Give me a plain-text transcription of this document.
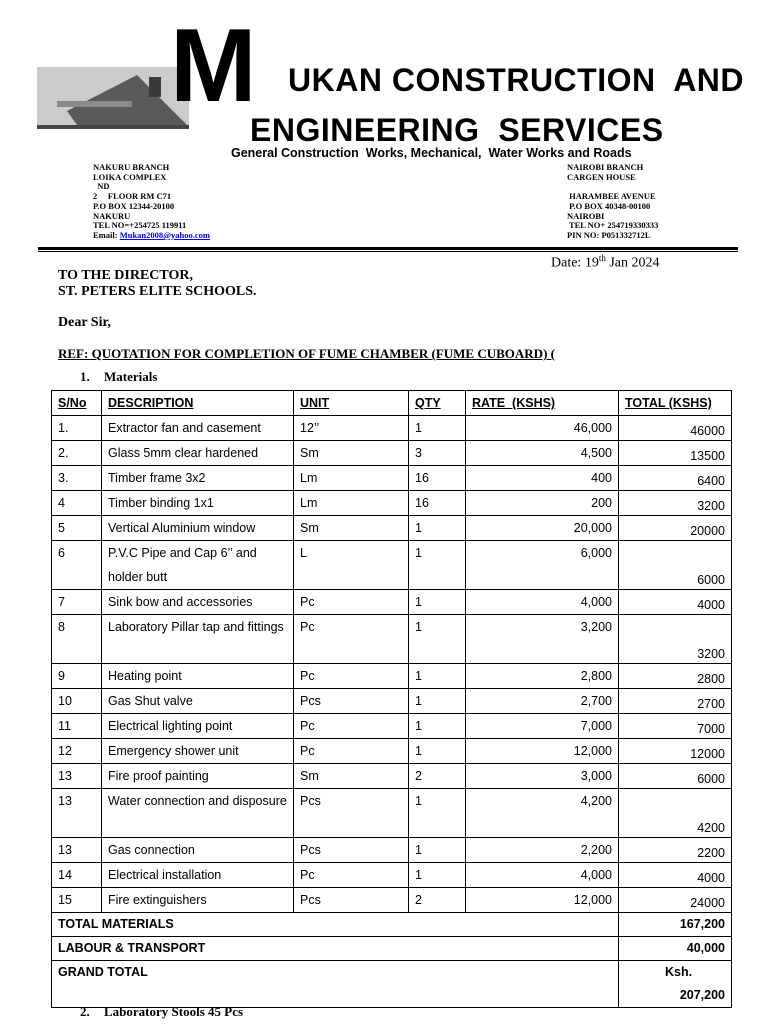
M UKAN CONSTRUCTION  AND
ENGINEERING  SERVICES
General Construction  Works, Mechanical,  Water Works and Roads
NAKURU BRANCH
LOIKA COMPLEX
ND
2     FLOOR RM C71
P.O BOX 12344-20100
NAKURU
TEL NO=+254725 119911
Email: Mukan2008@yahoo.com
NAIROBI BRANCH
CARGEN HOUSE
HARAMBEE AVENUE
P.O BOX 40348-00100
NAIROBI
TEL NO+ 254719330333
PIN NO: P051332712L
Date: 19th Jan 2024
TO THE DIRECTOR,
ST. PETERS ELITE SCHOOLS.
Dear Sir,
REF: QUOTATION FOR COMPLETION OF FUME CHAMBER (FUME CUBOARD) (
1. Materials
S/No	DESCRIPTION	UNIT	QTY	RATE  (KSHS)	TOTAL (KSHS)
1.	Extractor fan and casement	12’’	1	46,000	46000
2.	Glass 5mm clear hardened	Sm	3	4,500	13500
3.	Timber frame 3x2	Lm	16	400	6400
4	Timber binding 1x1	Lm	16	200	3200
5	Vertical Aluminium window	Sm	1	20,000	20000
6	P.V.C Pipe and Cap 6’’ and holder butt	L	1	6,000	6000
7	Sink bow and accessories	Pc	1	4,000	4000
8	Laboratory Pillar tap and fittings	Pc	1	3,200	3200
9	Heating point	Pc	1	2,800	2800
10	Gas Shut valve	Pcs	1	2,700	2700
11	Electrical lighting point	Pc	1	7,000	7000
12	Emergency shower unit	Pc	1	12,000	12000
13	Fire proof painting	Sm	2	3,000	6000
13	Water connection and disposure	Pcs	1	4,200	4200
13	Gas connection	Pcs	1	2,200	2200
14	Electrical installation	Pc	1	4,000	4000
15	Fire extinguishers	Pcs	2	12,000	24000
TOTAL MATERIALS					167,200
LABOUR & TRANSPORT					40,000
GRAND TOTAL					Ksh.207,200
2. Laboratory Stools 45 Pcs
